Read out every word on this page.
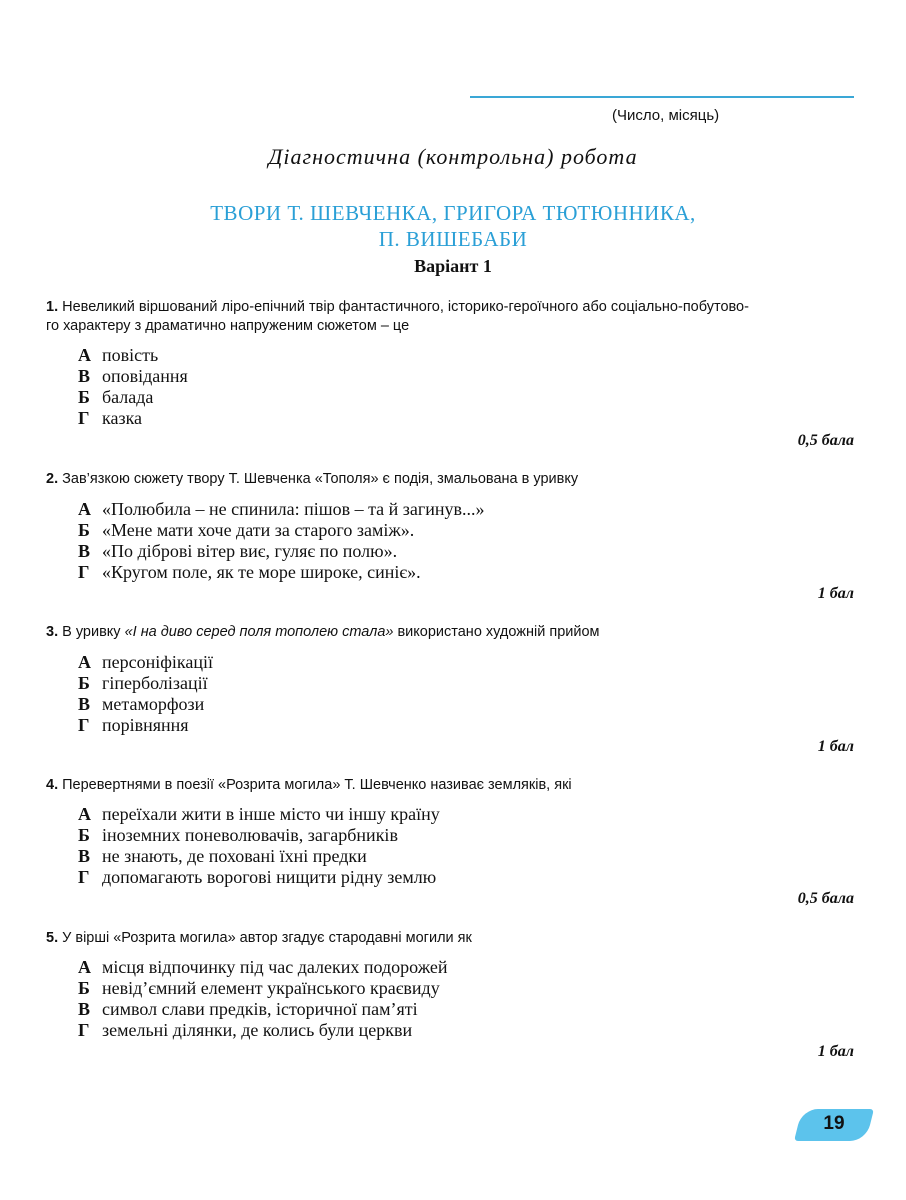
(Число, місяць)
Діагностична (контрольна) робота
ТВОРИ Т. ШЕВЧЕНКА, ГРИГОРА ТЮТЮННИКА,
П. ВИШЕБАБИ
Варіант 1
1. Невеликий віршований ліро-епічний твір фантастичного, історико-героїчного або соціально-побутово-
го характеру з драматично напруженим сюжетом – це
А повість
В оповідання
Б балада
Г казка
0,5 бала
2. Зав’язкою сюжету твору Т. Шевченка «Тополя» є подія, змальована в уривку
А «Полюбила – не спинила: пішов – та й загинув...»
Б «Мене мати хоче дати за старого заміж».
В «По діброві вітер виє, гуляє по полю».
Г «Кругом поле, як те море широке, синіє».
1 бал
3. В уривку «І на диво серед поля тополею стала» використано художній прийом
А персоніфікації
Б гіперболізації
В метаморфози
Г порівняння
1 бал
4. Перевертнями в поезії «Розрита могила» Т. Шевченко називає земляків, які
А переїхали жити в інше місто чи іншу країну
Б іноземних поневолювачів, загарбників
В не знають, де поховані їхні предки
Г допомагають ворогові нищити рідну землю
0,5 бала
5. У вірші «Розрита могила» автор згадує стародавні могили як
А місця відпочинку під час далеких подорожей
Б невід’ємний елемент українського краєвиду
В символ слави предків, історичної пам’яті
Г земельні ділянки, де колись були церкви
1 бал
19
